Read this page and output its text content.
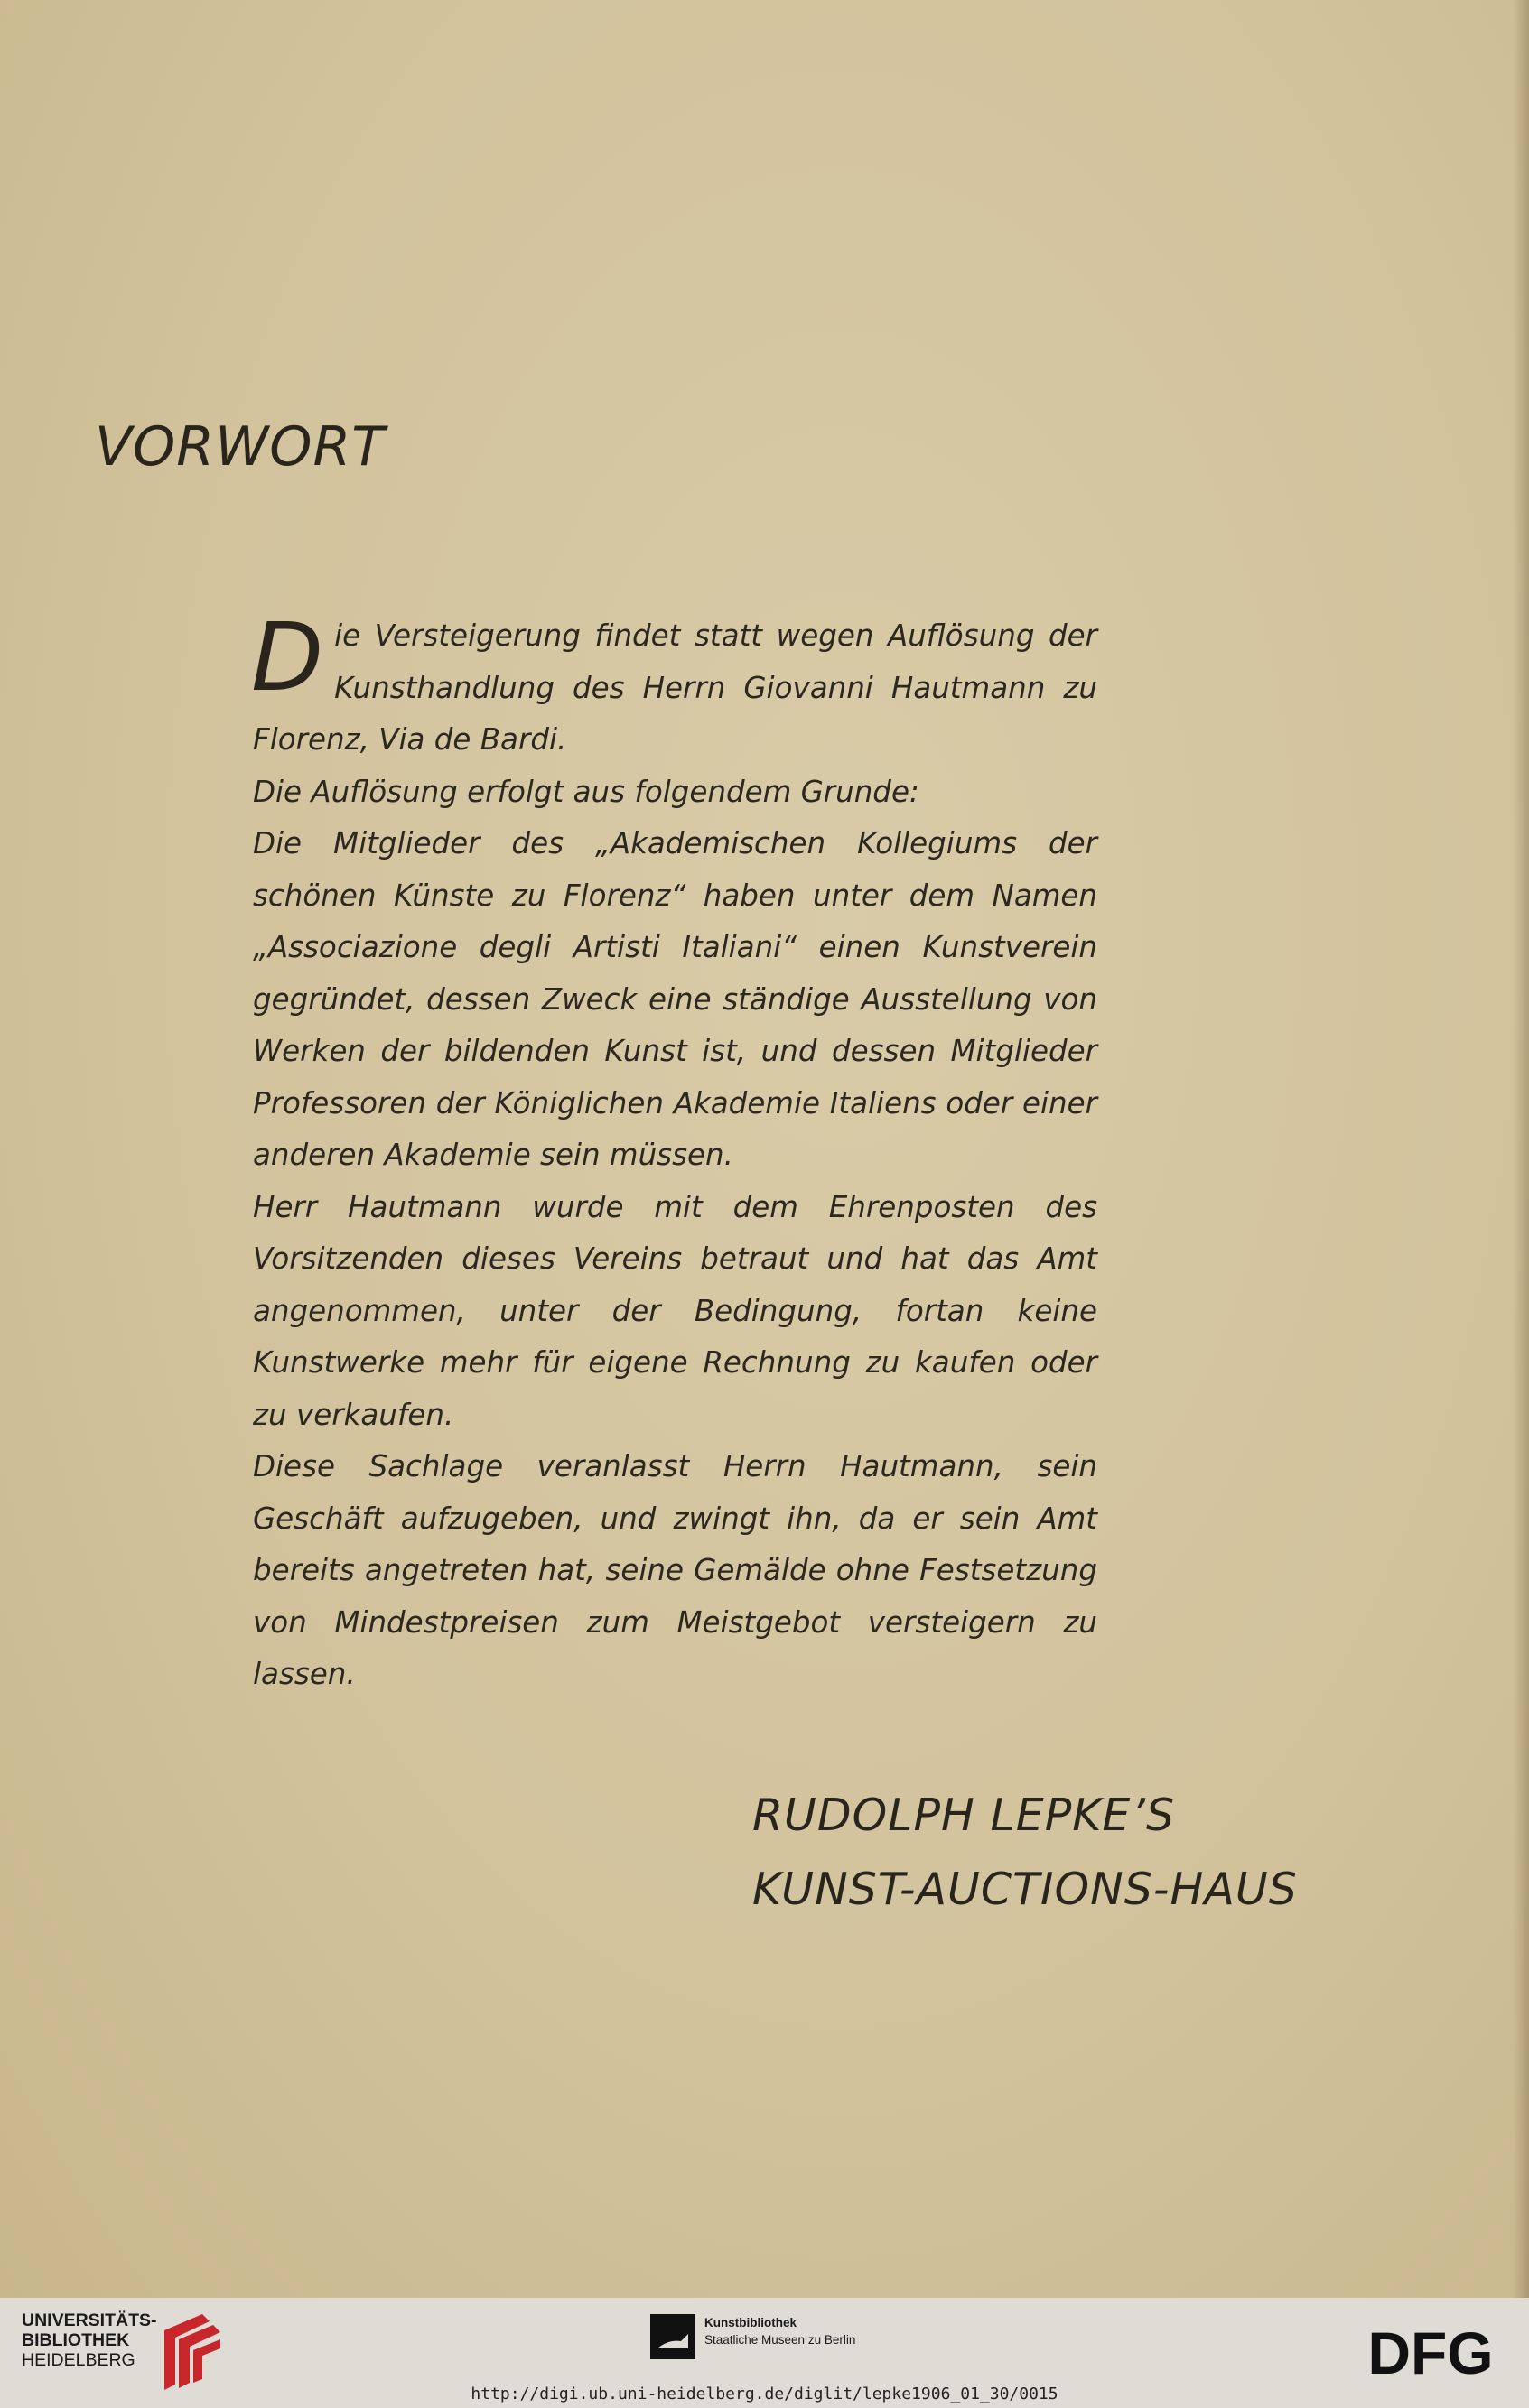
VORWORT

Die Versteigerung findet statt wegen Auflösung der Kunsthandlung des Herrn Giovanni Hautmann zu Florenz, Via de Bardi.

Die Auflösung erfolgt aus folgendem Grunde:

Die Mitglieder des „Akademischen Kollegiums der schönen Künste zu Florenz“ haben unter dem Namen „Associazione degli Artisti Italiani“ einen Kunstverein gegründet, dessen Zweck eine ständige Ausstellung von Werken der bildenden Kunst ist, und dessen Mitglieder Professoren der Königlichen Akademie Italiens oder einer anderen Akademie sein müssen.

Herr Hautmann wurde mit dem Ehrenposten des Vorsitzenden dieses Vereins betraut und hat das Amt angenommen, unter der Bedingung, fortan keine Kunstwerke mehr für eigene Rechnung zu kaufen oder zu verkaufen.

Diese Sachlage veranlasst Herrn Hautmann, sein Geschäft aufzugeben, und zwingt ihn, da er sein Amt bereits angetreten hat, seine Gemälde ohne Festsetzung von Mindestpreisen zum Meistgebot versteigern zu lassen.

RUDOLPH LEPKE’S
KUNST-AUCTIONS-HAUS
UNIVERSITÄTS-
BIBLIOTHEK
HEIDELBERG
Kunstbibliothek
Staatliche Museen zu Berlin	DFG
http://digi.ub.uni-heidelberg.de/diglit/lepke1906_01_30/0015
